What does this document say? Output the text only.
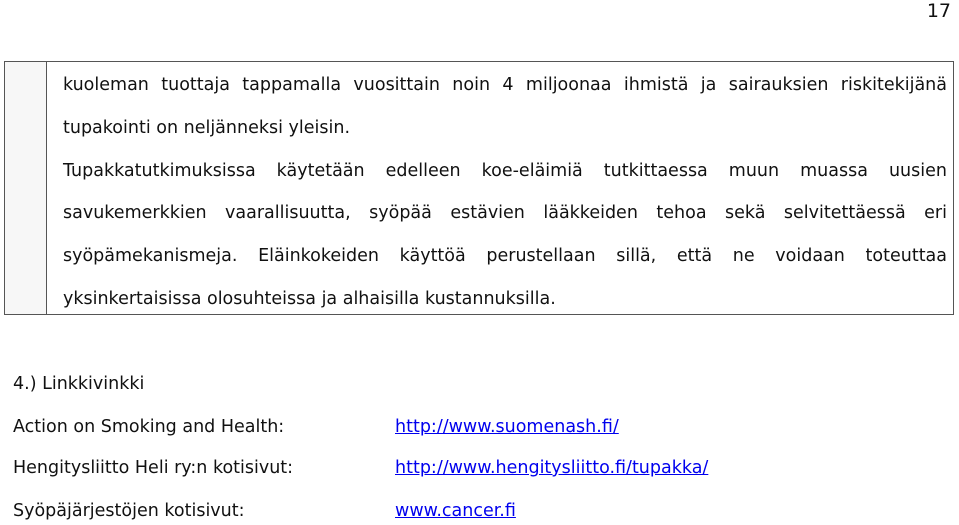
17

kuoleman tuottaja tappamalla vuosittain noin 4 miljoonaa ihmistä ja sairauksien riskitekijänä tupakointi on neljänneksi yleisin.

Tupakkatutkimuksissa käytetään edelleen koe-eläimiä tutkittaessa muun muassa uusien savukemerkkien vaarallisuutta, syöpää estävien lääkkeiden tehoa sekä selvitettäessä eri syöpämekanismeja. Eläinkokeiden käyttöä perustellaan sillä, että ne voidaan toteuttaa yksinkertaisissa olosuhteissa ja alhaisilla kustannuksilla.

4.) Linkkivinkki
Action on Smoking and Health:	http://www.suomenash.fi/
Hengitysliitto Heli ry:n kotisivut:	http://www.hengitysliitto.fi/tupakka/
Syöpäjärjestöjen kotisivut:	www.cancer.fi
